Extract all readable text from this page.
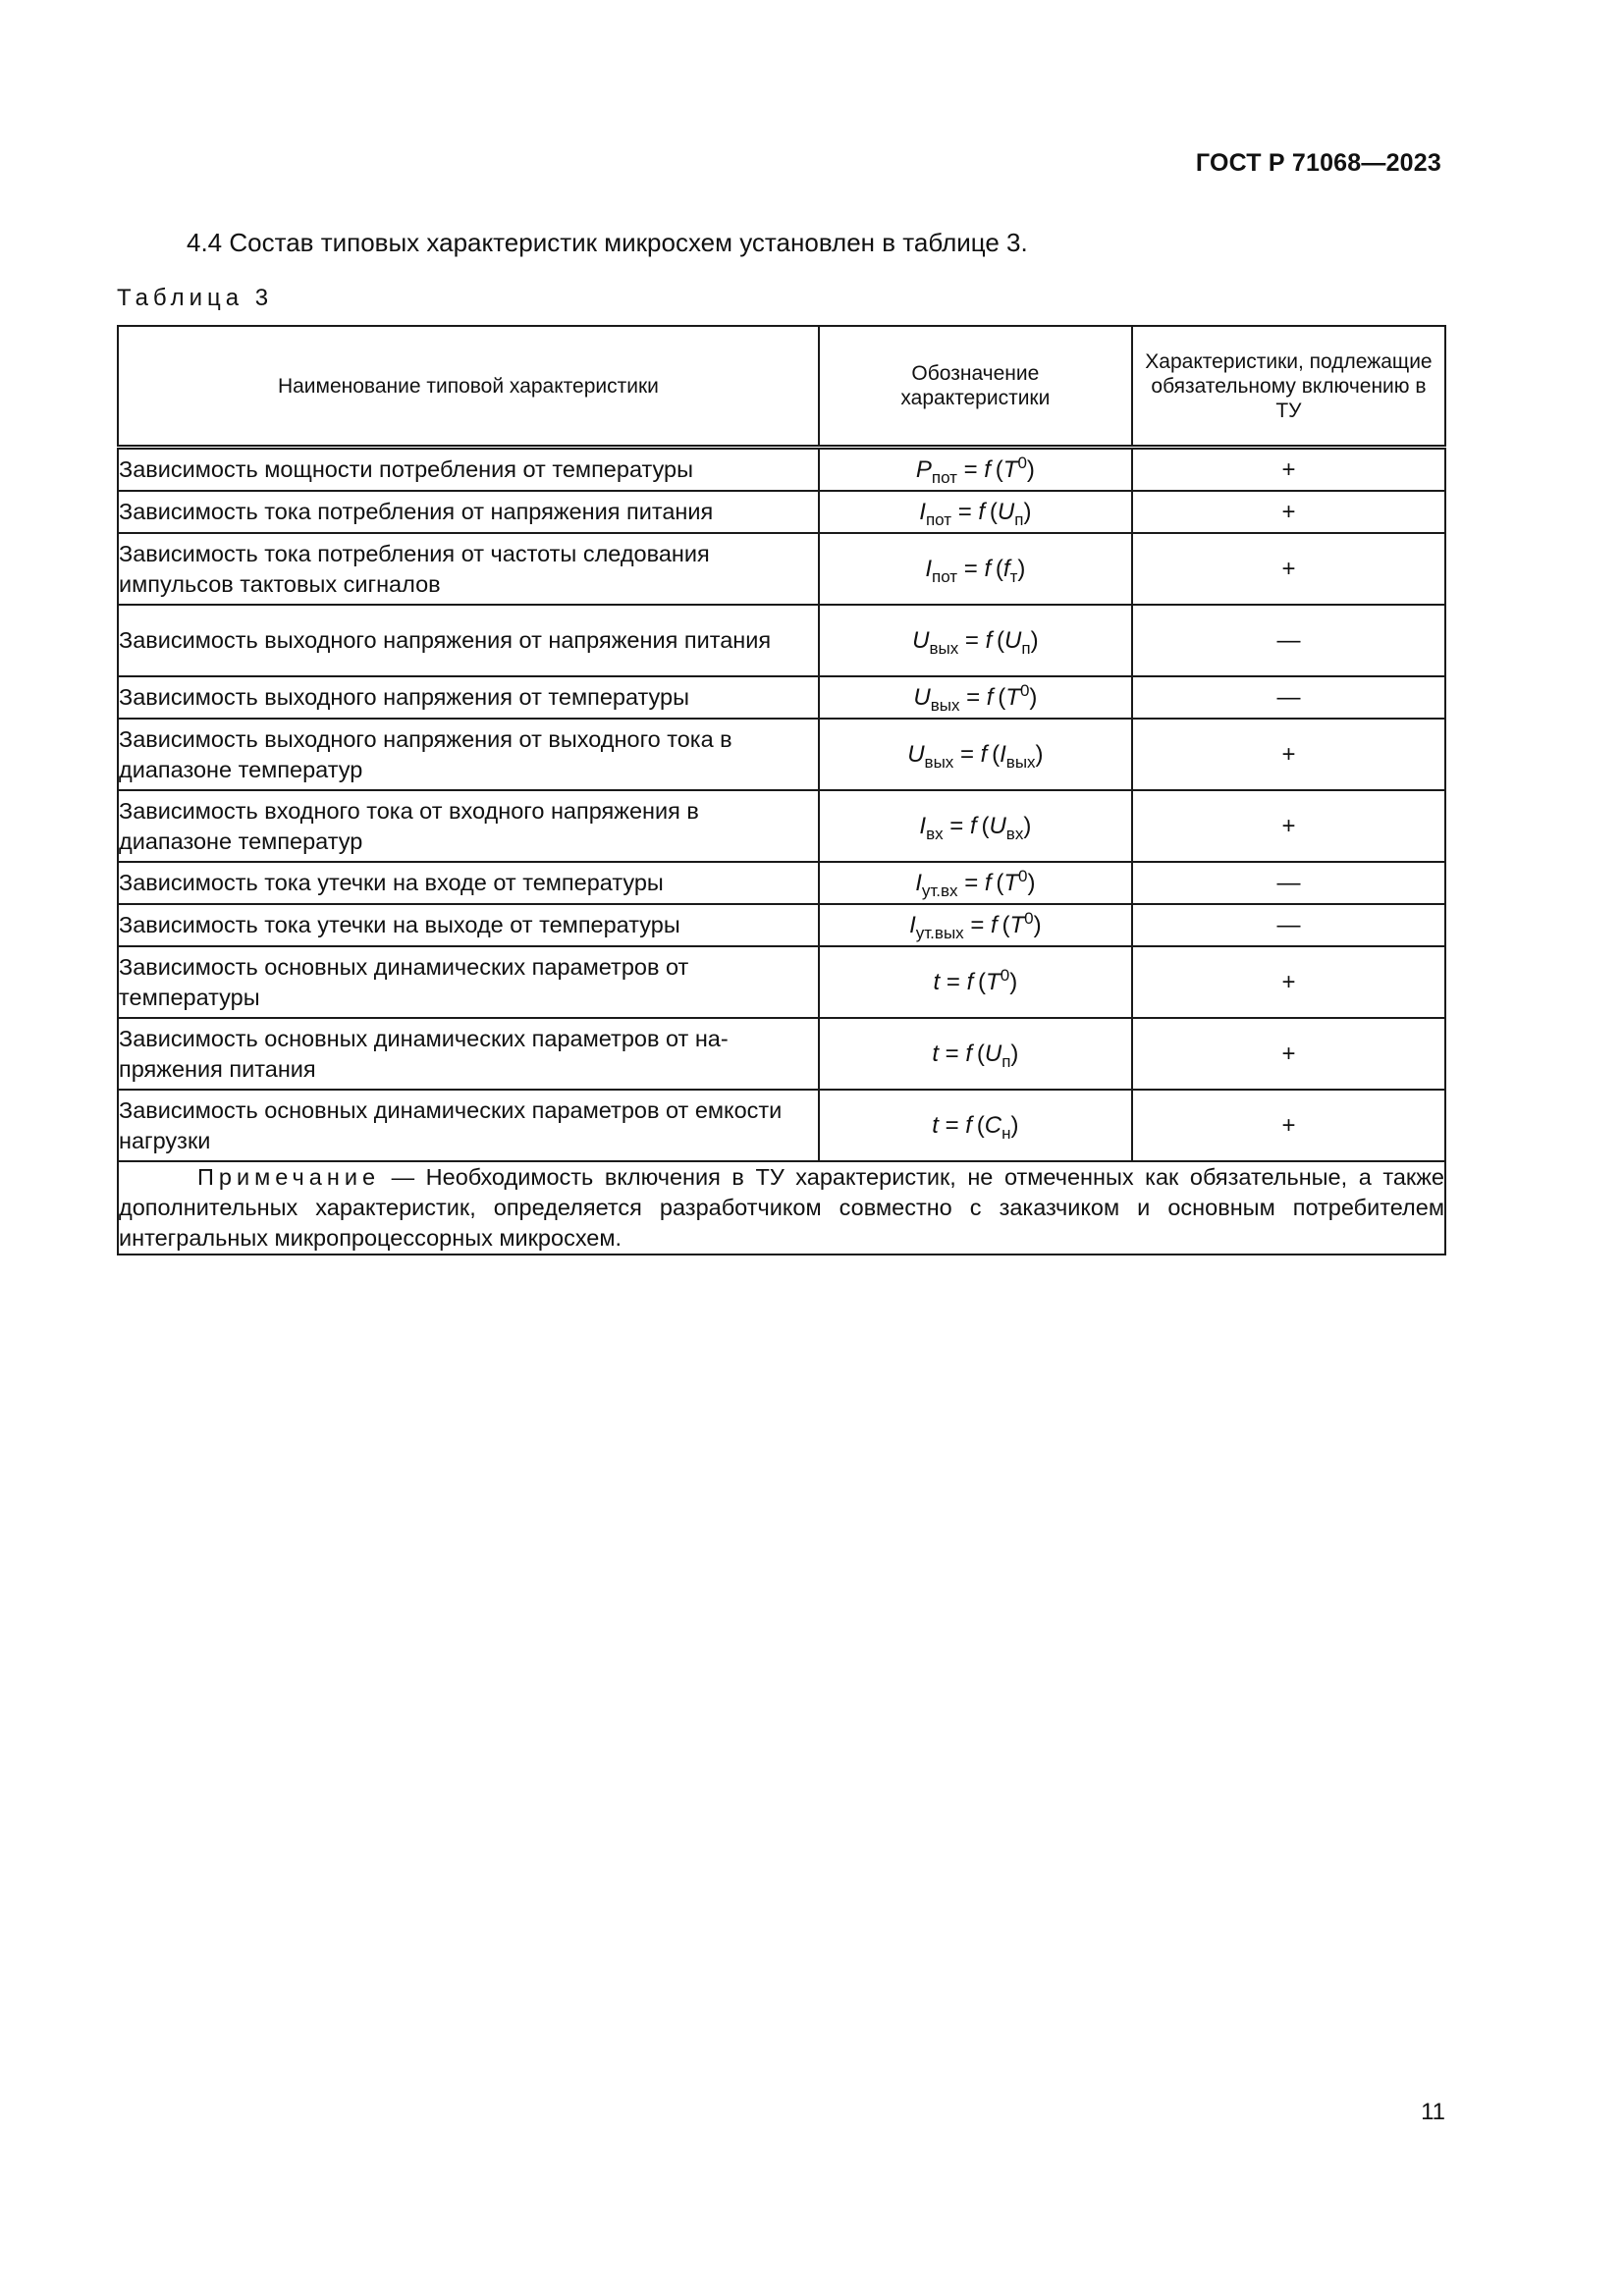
ГОСТ Р 71068—2023
4.4 Состав типовых характеристик микросхем установлен в таблице 3.
Таблица 3
Наименование типовой характеристики	Обозначение характеристики	Характеристики, подлежащие обязательному включению в ТУ
Зависимость мощности потребления от температуры	$P_{пот} = f$ $(T^0)$	+
Зависимость тока потребления от напряжения питания	$I_{пот} = f$ $(U_п)$	+
Зависимость тока потребления от частоты следования импульсов тактовых сигналов	$I_{пот} = f$ $(f_т)$	+
Зависимость выходного напряжения от напряжения питания	$U_{вых} = f$ $(U_п)$	—
Зависимость выходного напряжения от температуры	$U_{вых} = f$ $(T^0)$	—
Зависимость выходного напряжения от выходного тока в диапазоне температур	$U_{вых} = f$ $(I_{вых})$	+
Зависимость входного тока от входного напряжения в диапазоне температур	$I_{вх} = f$ $(U_{вх})$	+
Зависимость тока утечки на входе от температуры	$I_{ут.вх} = f$ $(T^0)$	—
Зависимость тока утечки на выходе от температуры	$I_{ут.вых} = f$ $(T^0)$	—
Зависимость основных динамических параметров от температуры	t = f $(T^0)$	+
Зависимость основных динамических параметров от на-пряжения питания	t = f $(U_п)$	+
Зависимость основных динамических параметров от емкости нагрузки	t = f $(C_н)$	+
Примечание — Необходимость включения в ТУ характеристик, не отмеченных как обязательные, а также дополнительных характеристик, определяется разработчиком совместно с заказчиком и основным потребителем интегральных микропроцессорных микросхем.		
11
